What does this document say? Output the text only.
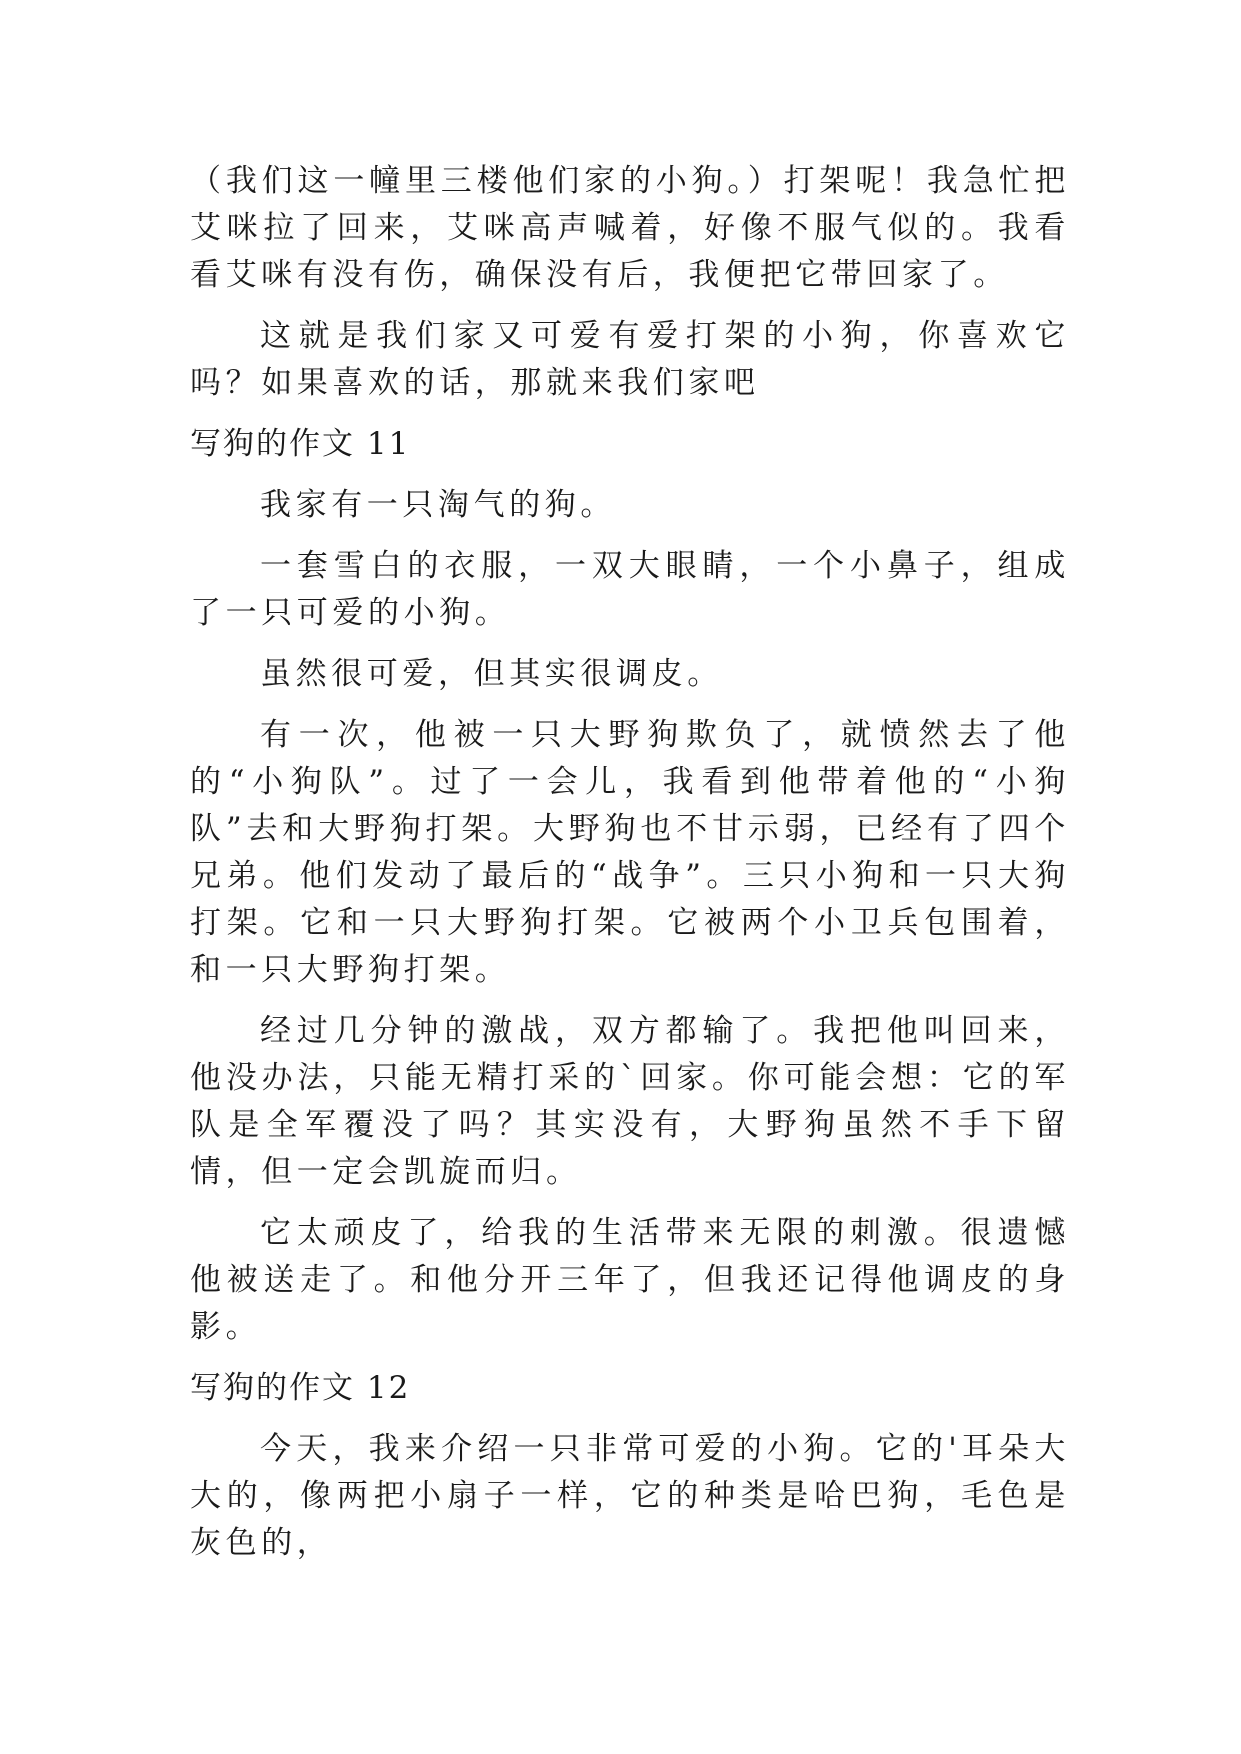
（我们这一幢里三楼他们家的小狗。）打架呢！我急忙把艾咪拉了回来，艾咪高声喊着，好像不服气似的。我看看艾咪有没有伤，确保没有后，我便把它带回家了。

这就是我们家又可爱有爱打架的小狗，你喜欢它吗？如果喜欢的话，那就来我们家吧

写狗的作文 11

我家有一只淘气的狗。

一套雪白的衣服，一双大眼睛，一个小鼻子，组成了一只可爱的小狗。

虽然很可爱，但其实很调皮。

有一次，他被一只大野狗欺负了，就愤然去了他的“小狗队”。过了一会儿，我看到他带着他的“小狗队”去和大野狗打架。大野狗也不甘示弱，已经有了四个兄弟。他们发动了最后的“战争”。三只小狗和一只大狗打架。它和一只大野狗打架。它被两个小卫兵包围着，和一只大野狗打架。

经过几分钟的激战，双方都输了。我把他叫回来，他没办法，只能无精打采的`回家。你可能会想：它的军队是全军覆没了吗？其实没有，大野狗虽然不手下留情，但一定会凯旋而归。

它太顽皮了，给我的生活带来无限的刺激。很遗憾他被送走了。和他分开三年了，但我还记得他调皮的身影。

写狗的作文 12

今天，我来介绍一只非常可爱的小狗。它的'耳朵大大的，像两把小扇子一样，它的种类是哈巴狗，毛色是灰色的，
